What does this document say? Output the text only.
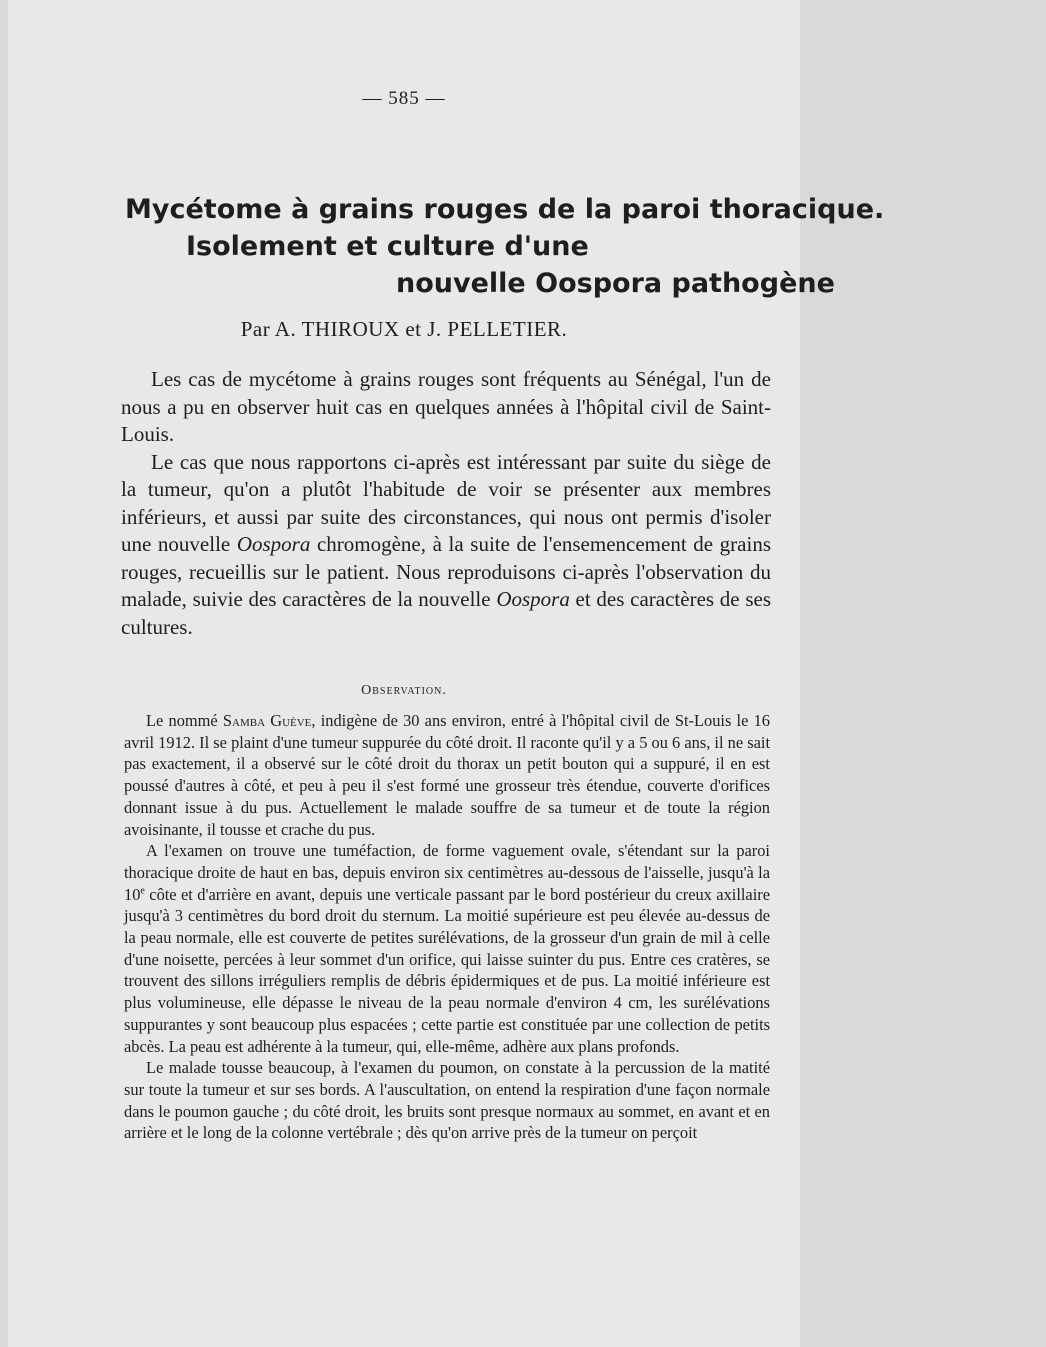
— 585 —
Mycétome à grains rouges de la paroi thoracique.
Isolement et culture d'une
nouvelle Oospora pathogène

Par A. THIROUX et J. PELLETIER.

Les cas de mycétome à grains rouges sont fréquents au Sénégal, l'un de nous a pu en observer huit cas en quelques années à l'hôpital civil de Saint-Louis.

Le cas que nous rapportons ci-après est intéressant par suite du siège de la tumeur, qu'on a plutôt l'habitude de voir se présenter aux membres inférieurs, et aussi par suite des circonstances, qui nous ont permis d'isoler une nouvelle Oospora chromogène, à la suite de l'ensemencement de grains rouges, recueillis sur le patient. Nous reproduisons ci-après l'observation du malade, suivie des caractères de la nouvelle Oospora et des caractères de ses cultures.

Observation.

Le nommé Samba Guève, indigène de 30 ans environ, entré à l'hôpital civil de St-Louis le 16 avril 1912. Il se plaint d'une tumeur suppurée du côté droit. Il raconte qu'il y a 5 ou 6 ans, il ne sait pas exactement, il a observé sur le côté droit du thorax un petit bouton qui a suppuré, il en est poussé d'autres à côté, et peu à peu il s'est formé une grosseur très étendue, couverte d'orifices donnant issue à du pus. Actuellement le malade souffre de sa tumeur et de toute la région avoisinante, il tousse et crache du pus.

A l'examen on trouve une tuméfaction, de forme vaguement ovale, s'étendant sur la paroi thoracique droite de haut en bas, depuis environ six centimètres au-dessous de l'aisselle, jusqu'à la 10e côte et d'arrière en avant, depuis une verticale passant par le bord postérieur du creux axillaire jusqu'à 3 centimètres du bord droit du sternum. La moitié supérieure est peu élevée au-dessus de la peau normale, elle est couverte de petites surélévations, de la grosseur d'un grain de mil à celle d'une noisette, percées à leur sommet d'un orifice, qui laisse suinter du pus. Entre ces cratères, se trouvent des sillons irréguliers remplis de débris épidermiques et de pus. La moitié inférieure est plus volumineuse, elle dépasse le niveau de la peau normale d'environ 4 cm, les surélévations suppurantes y sont beaucoup plus espacées ; cette partie est constituée par une collection de petits abcès. La peau est adhérente à la tumeur, qui, elle-même, adhère aux plans profonds.

Le malade tousse beaucoup, à l'examen du poumon, on constate à la percussion de la matité sur toute la tumeur et sur ses bords. A l'auscultation, on entend la respiration d'une façon normale dans le poumon gauche ; du côté droit, les bruits sont presque normaux au sommet, en avant et en arrière et le long de la colonne vertébrale ; dès qu'on arrive près de la tumeur on perçoit
